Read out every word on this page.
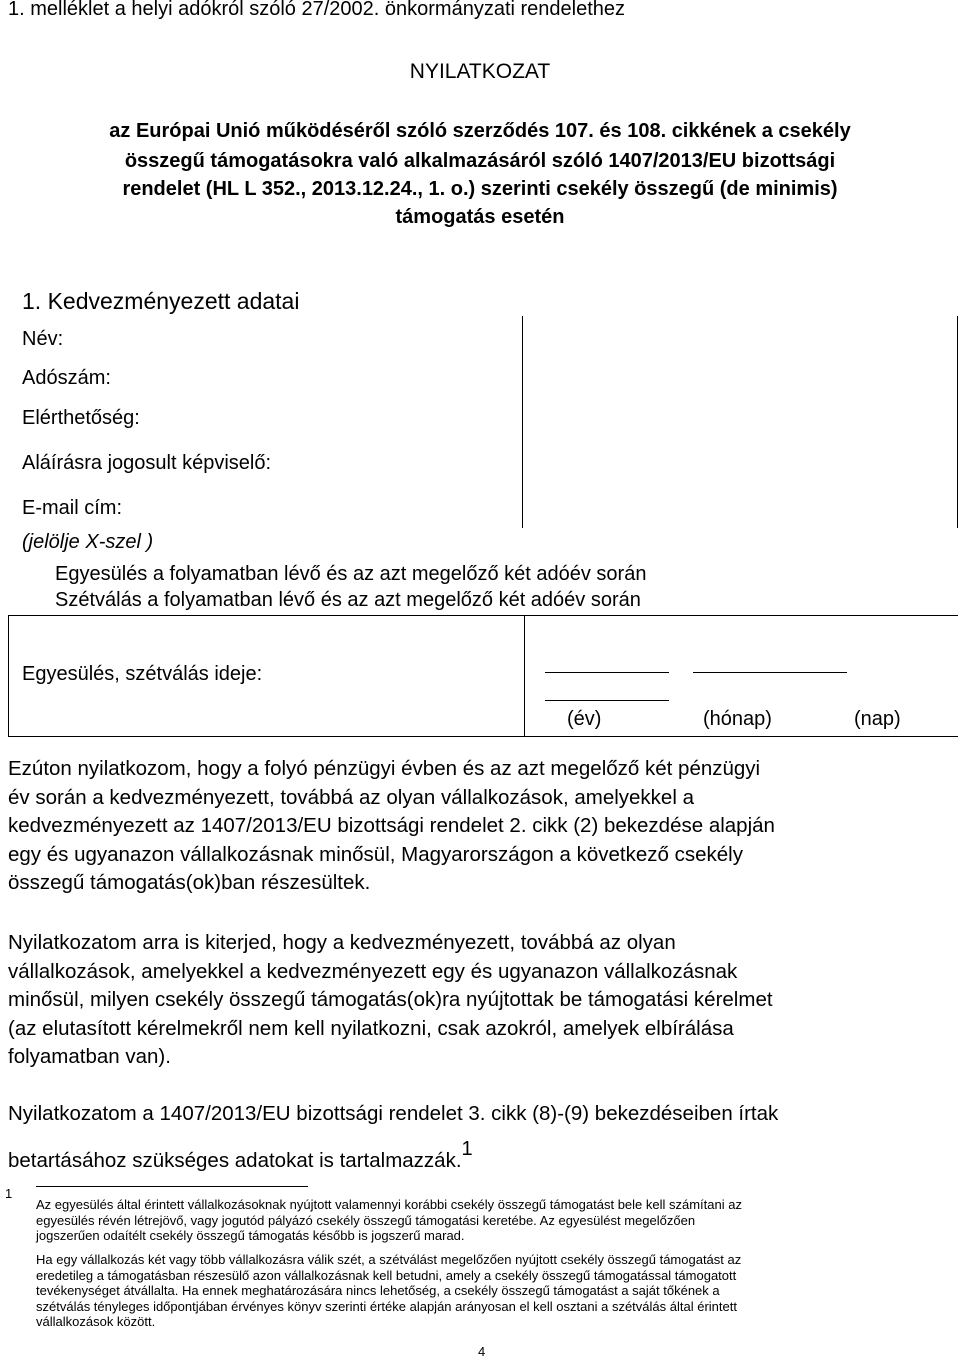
1. melléklet a helyi adókról szóló 27/2002. önkormányzati rendelethez
NYILATKOZAT
az Európai Unió működéséről szóló szerződés 107. és 108. cikkének a csekély
összegű támogatásokra való alkalmazásáról szóló 1407/2013/EU bizottsági
rendelet (HL L 352., 2013.12.24., 1. o.) szerinti csekély összegű (de minimis)
támogatás esetén
1. Kedvezményezett adatai
Név:
Adószám:
Elérthetőség:
Aláírásra jogosult képviselő:
E-mail cím:
(jelölje X-szel )
Egyesülés a folyamatban lévő és az azt megelőző két adóév során
Szétválás a folyamatban lévő és az azt megelőző két adóév során
Egyesülés, szétválás ideje:
(év)	(hónap)	(nap)
Ezúton nyilatkozom, hogy a folyó pénzügyi évben és az azt megelőző két pénzügyi
év során a kedvezményezett, továbbá az olyan vállalkozások, amelyekkel a
kedvezményezett az 1407/2013/EU bizottsági rendelet 2. cikk (2) bekezdése alapján
egy és ugyanazon vállalkozásnak minősül, Magyarországon a következő csekély
összegű támogatás(ok)ban részesültek.
Nyilatkozatom arra is kiterjed, hogy a kedvezményezett, továbbá az olyan
vállalkozások, amelyekkel a kedvezményezett egy és ugyanazon vállalkozásnak
minősül, milyen csekély összegű támogatás(ok)ra nyújtottak be támogatási kérelmet
(az elutasított kérelmekről nem kell nyilatkozni, csak azokról, amelyek elbírálása
folyamatban van).
Nyilatkozatom a 1407/2013/EU bizottsági rendelet 3. cikk (8)-(9) bekezdéseiben írtak
betartásához szükséges adatokat is tartalmazzák.$^1$
1
Az egyesülés által érintett vállalkozásoknak nyújtott valamennyi korábbi csekély összegű támogatást bele kell számítani az
egyesülés révén létrejövő, vagy jogutód pályázó csekély összegű támogatási keretébe. Az egyesülést megelőzően
jogszerűen odaítélt csekély összegű támogatás később is jogszerű marad.
Ha egy vállalkozás két vagy több vállalkozásra válik szét, a szétválást megelőzően nyújtott csekély összegű támogatást az
eredetileg a támogatásban részesülő azon vállalkozásnak kell betudni, amely a csekély összegű támogatással támogatott
tevékenységet átvállalta. Ha ennek meghatározására nincs lehetőség, a csekély összegű támogatást a saját tőkének a
szétválás tényleges időpontjában érvényes könyv szerinti értéke alapján arányosan el kell osztani a szétválás által érintett
vállalkozások között.
4
